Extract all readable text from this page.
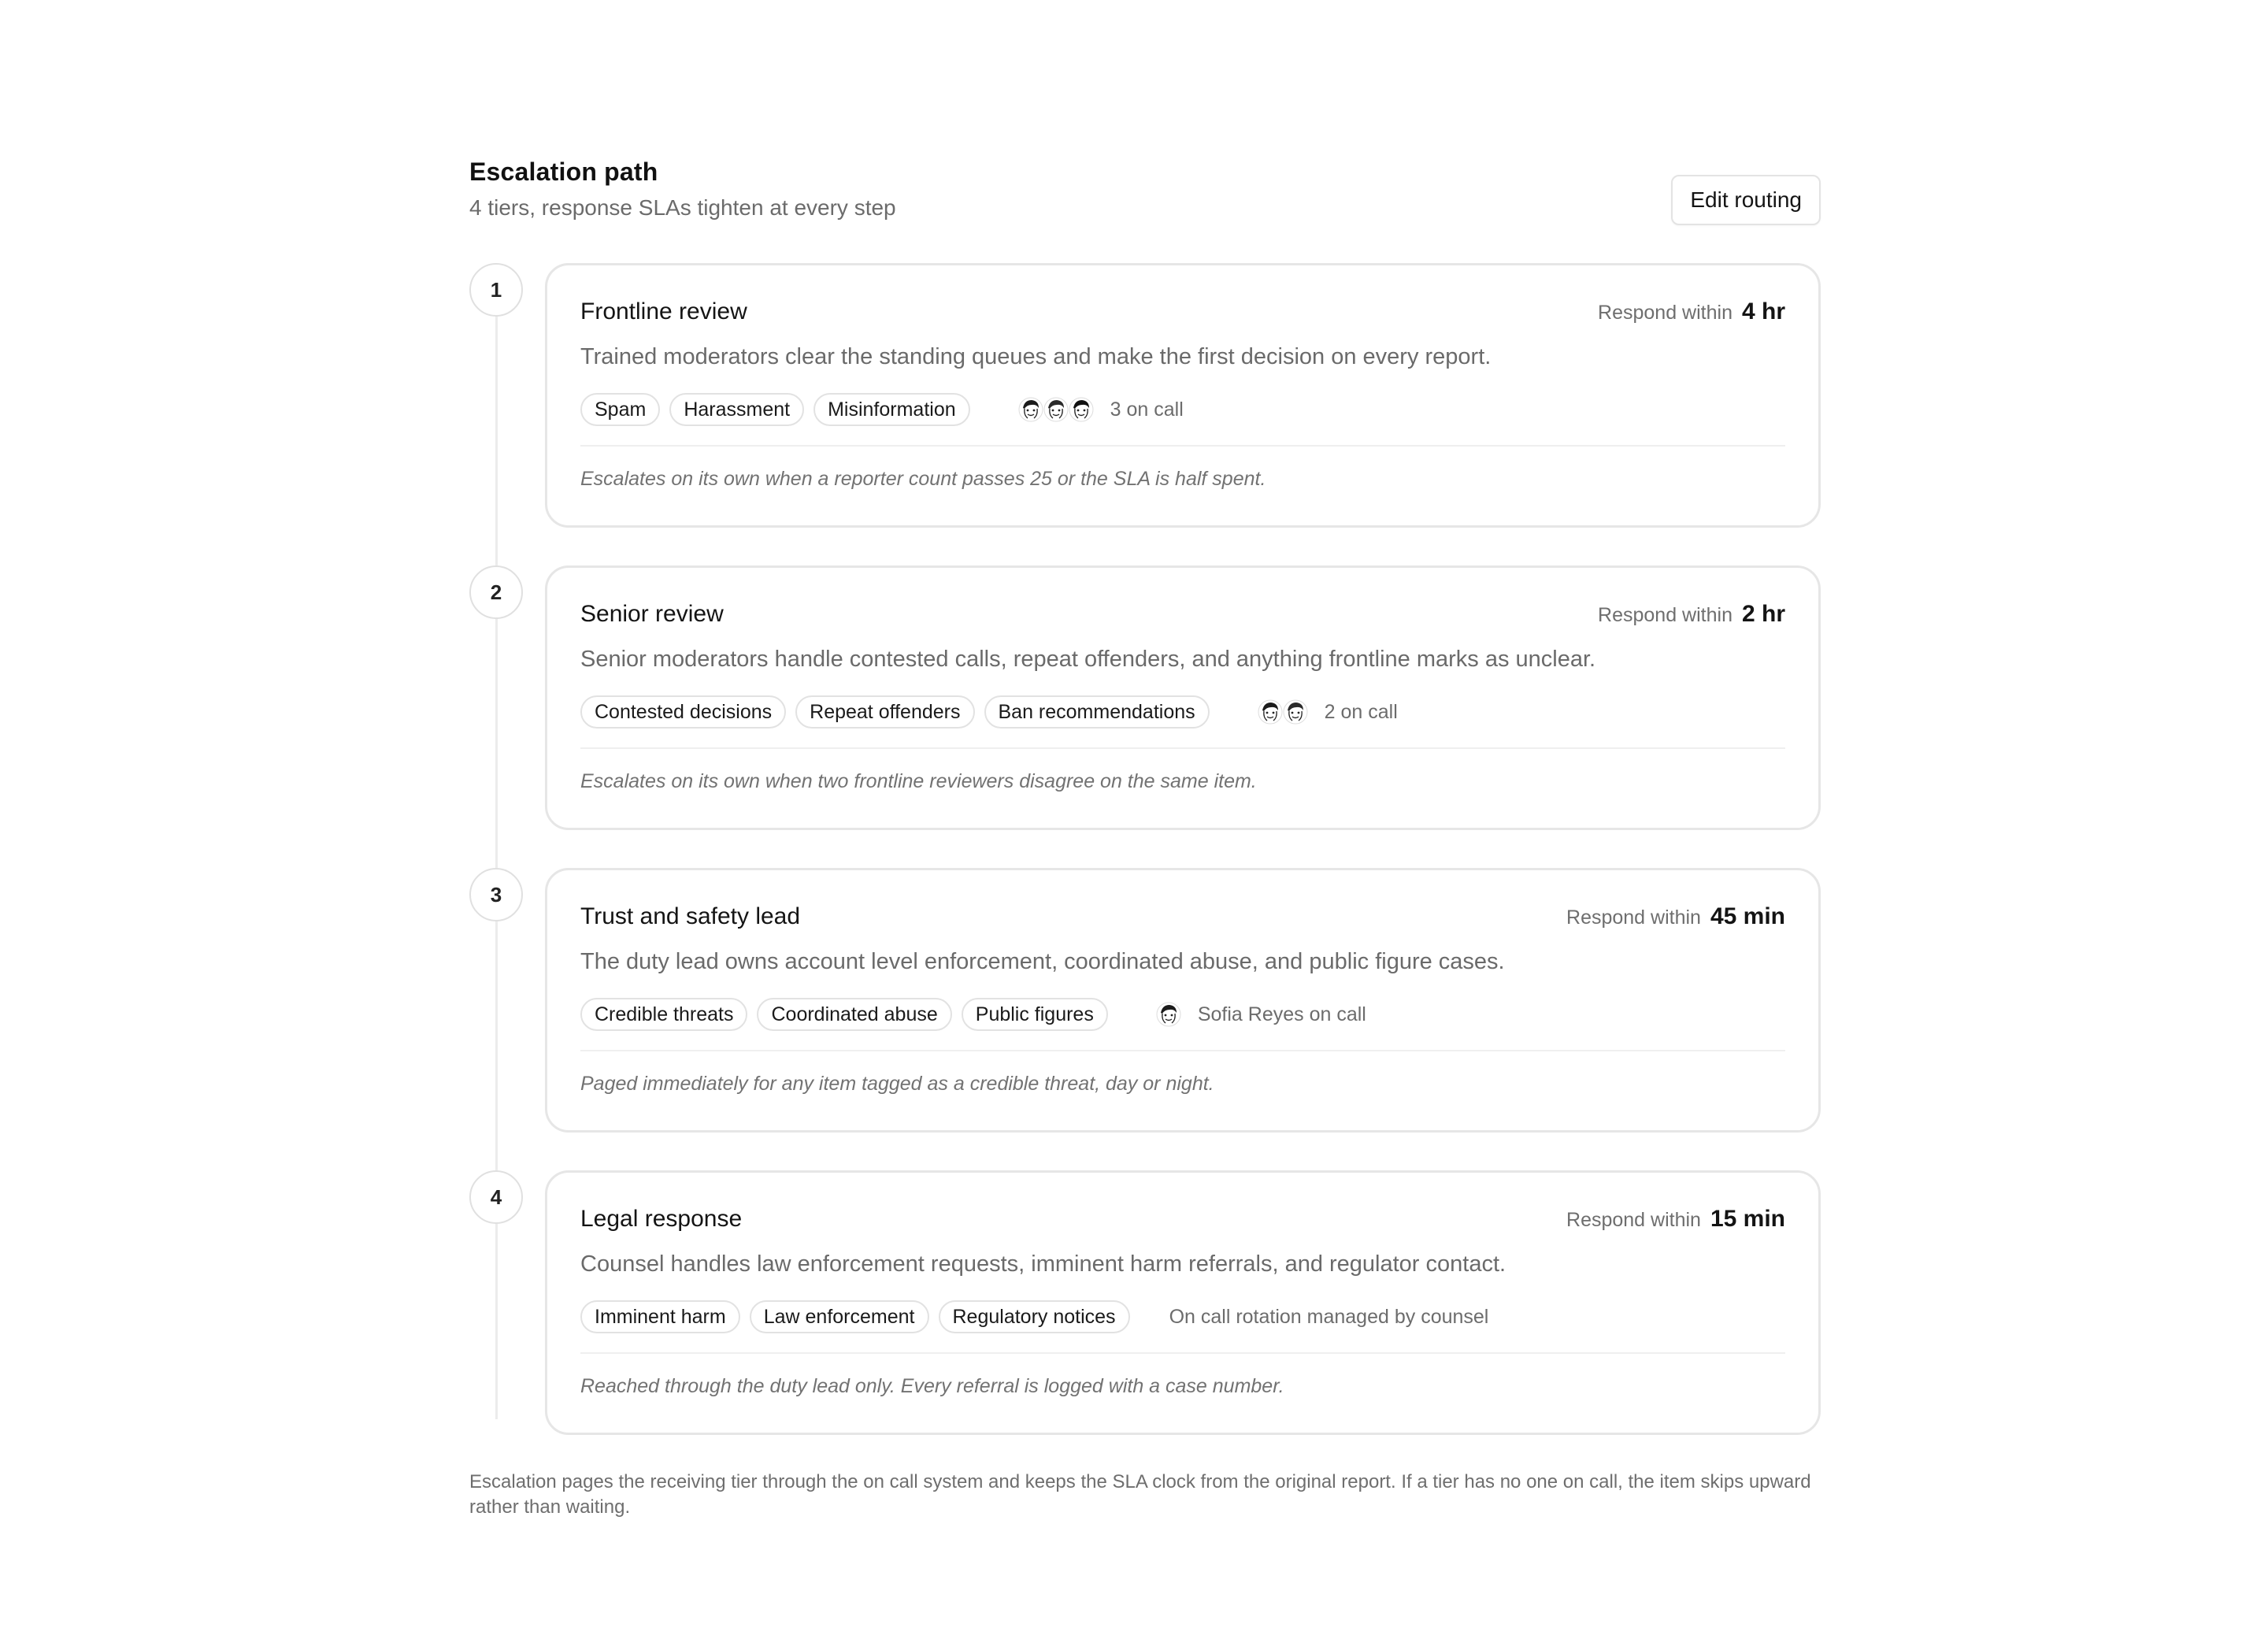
Escalation path
4 tiers, response SLAs tighten at every step	Edit routing
1
Frontline review	Respond within 4 hr
Trained moderators clear the standing queues and make the first decision on every report.
Spam	Harassment	Misinformation	3 on call
Escalates on its own when a reporter count passes 25 or the SLA is half spent.
2
Senior review	Respond within 2 hr
Senior moderators handle contested calls, repeat offenders, and anything frontline marks as unclear.
Contested decisions	Repeat offenders	Ban recommendations	2 on call
Escalates on its own when two frontline reviewers disagree on the same item.
3
Trust and safety lead	Respond within 45 min
The duty lead owns account level enforcement, coordinated abuse, and public figure cases.
Credible threats	Coordinated abuse	Public figures	Sofia Reyes on call
Paged immediately for any item tagged as a credible threat, day or night.
4
Legal response	Respond within 15 min
Counsel handles law enforcement requests, imminent harm referrals, and regulator contact.
Imminent harm	Law enforcement	Regulatory notices	On call rotation managed by counsel
Reached through the duty lead only. Every referral is logged with a case number.
Escalation pages the receiving tier through the on call system and keeps the SLA clock from the original report. If a tier has no one on call, the item skips upward rather than waiting.
